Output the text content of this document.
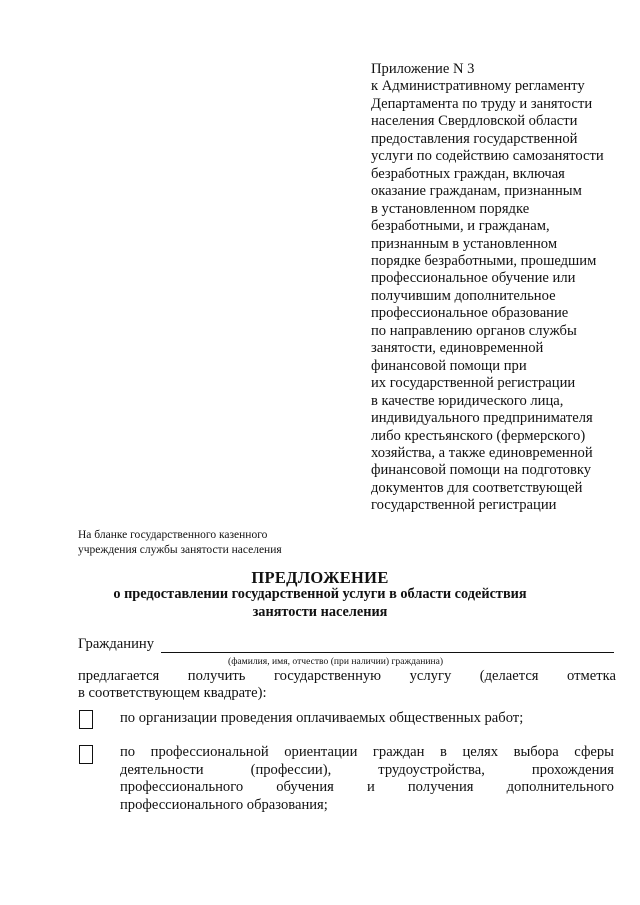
Приложение N 3
к Административному регламенту
Департамента по труду и занятости
населения Свердловской области
предоставления государственной
услуги по содействию самозанятости
безработных граждан, включая
оказание гражданам, признанным
в установленном порядке
безработными, и гражданам,
признанным в установленном
порядке безработными, прошедшим
профессиональное обучение или
получившим дополнительное
профессиональное образование
по направлению органов службы
занятости, единовременной
финансовой помощи при
их государственной регистрации
в качестве юридического лица,
индивидуального предпринимателя
либо крестьянского (фермерского)
хозяйства, а также единовременной
финансовой помощи на подготовку
документов для соответствующей
государственной регистрации
На бланке государственного казенного
учреждения службы занятости населения
ПРЕДЛОЖЕНИЕ
о предоставлении государственной услуги в области содействия
занятости населения
Гражданину
(фамилия, имя, отчество (при наличии) гражданина)
предлагается получить государственную услугу (делается отметка
в соответствующем квадрате):
по организации проведения оплачиваемых общественных работ;
по профессиональной ориентации граждан в целях выбора сферы
деятельности	(профессии),	трудоустройства,	прохождения
профессионального обучения и получения дополнительного
профессионального образования;
